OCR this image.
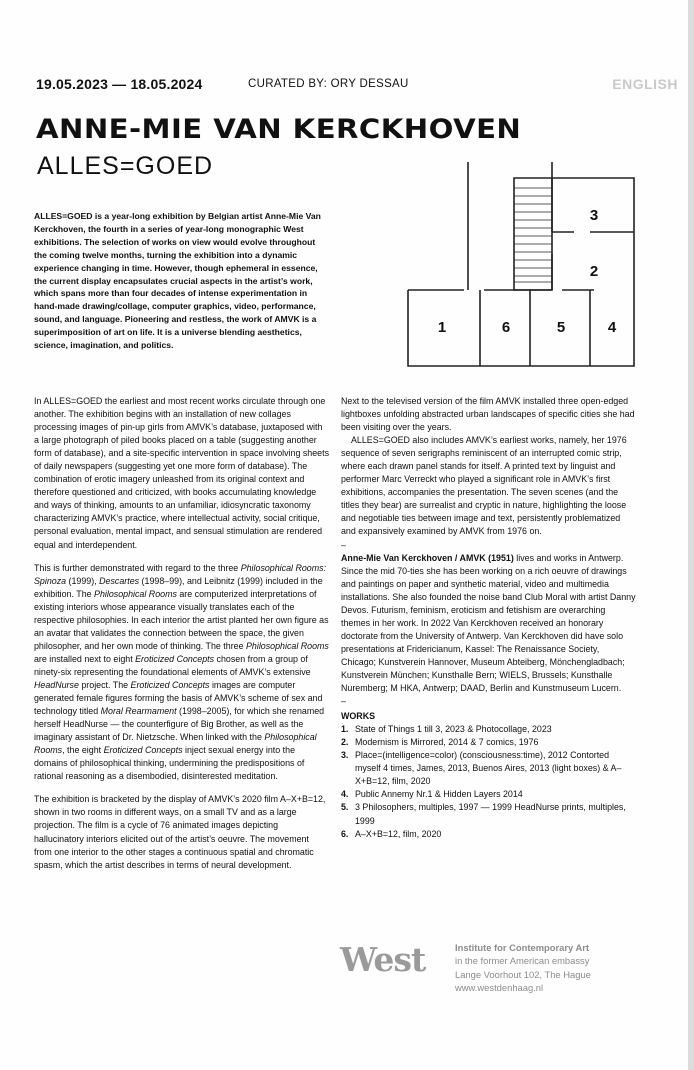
19.05.2023 — 18.05.2024	CURATED BY: ORY DESSAU	ENGLISH
ANNE-MIE VAN KERCKHOVEN
ALLES=GOED
ALLES=GOED is a year-long exhibition by Belgian artist Anne-Mie Van Kerckhoven, the fourth in a series of year-long monographic West exhibitions. The selection of works on view would evolve throughout the coming twelve months, turning the exhibition into a dynamic experience changing in time. However, though ephemeral in essence, the current display encapsulates crucial aspects in the artist’s work, which spans more than four decades of intense experimentation in hand-made drawing/collage, computer graphics, video, performance, sound, and language. Pioneering and restless, the work of AMVK is a superimposition of art on life. It is a universe blending aesthetics, science, imagination, and politics.
3
2
1	6	5	4

In ALLES=GOED the earliest and most recent works circulate through one another. The exhibition begins with an installation of new collages processing images of pin-up girls from AMVK’s database, juxtaposed with a large photograph of piled books placed on a table (suggesting another form of database), and a site-specific intervention in space involving sheets of daily newspapers (suggesting yet one more form of database). The combination of erotic imagery unleashed from its original context and therefore questioned and criticized, with books accumulating knowledge and ways of thinking, amounts to an unfamiliar, idiosyncratic taxonomy characterizing AMVK’s practice, where intellectual activity, social critique, personal evaluation, mental impact, and sensual stimulation are rendered equal and interdependent.

This is further demonstrated with regard to the three Philosophical Rooms: Spinoza (1999), Descartes (1998–99), and Leibnitz (1999) included in the exhibition. The Philosophical Rooms are computerized interpretations of existing interiors whose appearance visually translates each of the respective philosophies. In each interior the artist planted her own figure as an avatar that validates the connection between the space, the given philosopher, and her own mode of thinking. The three Philosophical Rooms are installed next to eight Eroticized Concepts chosen from a group of ninety-six representing the foundational elements of AMVK’s extensive HeadNurse project. The Eroticized Concepts images are computer generated female figures forming the basis of AMVK’s scheme of sex and technology titled Moral Rearmament (1998–2005), for which she renamed herself HeadNurse — the counterfigure of Big Brother, as well as the imaginary assistant of Dr. Nietzsche. When linked with the Philosophical Rooms, the eight Eroticized Concepts inject sexual energy into the domains of philosophical thinking, undermining the predispositions of rational reasoning as a disembodied, disinterested meditation.

The exhibition is bracketed by the display of AMVK’s 2020 film A–X+B=12, shown in two rooms in different ways, on a small TV and as a large projection. The film is a cycle of 76 animated images depicting hallucinatory interiors elicited out of the artist’s oeuvre. The movement from one interior to the other stages a continuous spatial and chromatic spasm, which the artist describes in terms of neural development.

Next to the televised version of the film AMVK installed three open-edged lightboxes unfolding abstracted urban landscapes of specific cities she had been visiting over the years.

ALLES=GOED also includes AMVK’s earliest works, namely, her 1976 sequence of seven serigraphs reminiscent of an interrupted comic strip, where each drawn panel stands for itself. A printed text by linguist and performer Marc Verreckt who played a significant role in AMVK’s first exhibitions, accompanies the presentation. The seven scenes (and the titles they bear) are surrealist and cryptic in nature, highlighting the loose and negotiable ties between image and text, persistently problematized and expansively examined by AMVK from 1976 on.

–

Anne-Mie Van Kerckhoven / AMVK (1951) lives and works in Antwerp. Since the mid 70-ties she has been working on a rich oeuvre of drawings and paintings on paper and synthetic material, video and multimedia installations. She also founded the noise band Club Moral with artist Danny Devos. Futurism, feminism, eroticism and fetishism are overarching themes in her work. In 2022 Van Kerckhoven received an honorary doctorate from the University of Antwerp. Van Kerckhoven did have solo presentations at Fridericianum, Kassel: The Renaissance Society, Chicago; Kunstverein Hannover, Museum Abteiberg, Mönchengladbach; Kunstverein München; Kunsthalle Bern; WIELS, Brussels; Kunsthalle Nuremberg; M HKA, Antwerp; DAAD, Berlin and Kunstmuseum Lucern.

–

WORKS
1. State of Things 1 till 3, 2023 & Photocollage, 2023
2. Modernism is Mirrored, 2014 & 7 comics, 1976
3. Place=(intelligence=color) (consciousness:time), 2012 Contorted myself 4 times, James, 2013, Buenos Aires, 2013 (light boxes) & A–X+B=12, film, 2020
4. Public Annemy Nr.1 & Hidden Layers 2014
5. 3 Philosophers, multiples, 1997 — 1999 HeadNurse prints, multiples, 1999
6. A–X+B=12, film, 2020
West	Institute for Contemporary Art
in the former American embassy
Lange Voorhout 102, The Hague
www.westdenhaag.nl
